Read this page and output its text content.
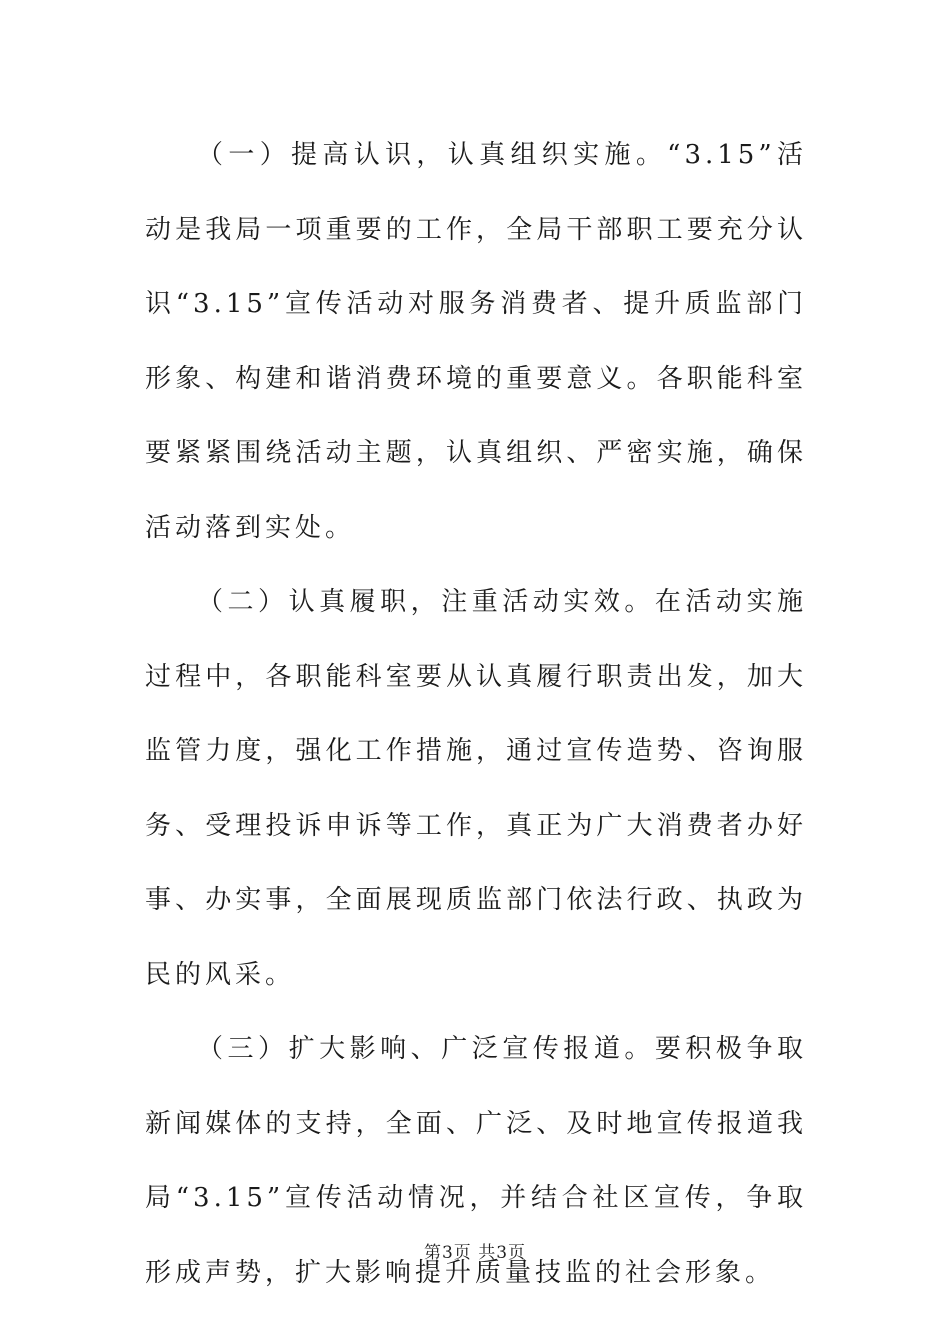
（一）提高认识，认真组织实施。“3.15”活动是我局一项重要的工作，全局干部职工要充分认识“3.15”宣传活动对服务消费者、提升质监部门形象、构建和谐消费环境的重要意义。各职能科室要紧紧围绕活动主题，认真组织、严密实施，确保活动落到实处。

（二）认真履职，注重活动实效。在活动实施过程中，各职能科室要从认真履行职责出发，加大监管力度，强化工作措施，通过宣传造势、咨询服务、受理投诉申诉等工作，真正为广大消费者办好事、办实事，全面展现质监部门依法行政、执政为民的风采。

（三）扩大影响、广泛宣传报道。要积极争取新闻媒体的支持，全面、广泛、及时地宣传报道我局“3.15”宣传活动情况，并结合社区宣传，争取形成声势，扩大影响提升质量技监的社会形象。

第3页 共3页
